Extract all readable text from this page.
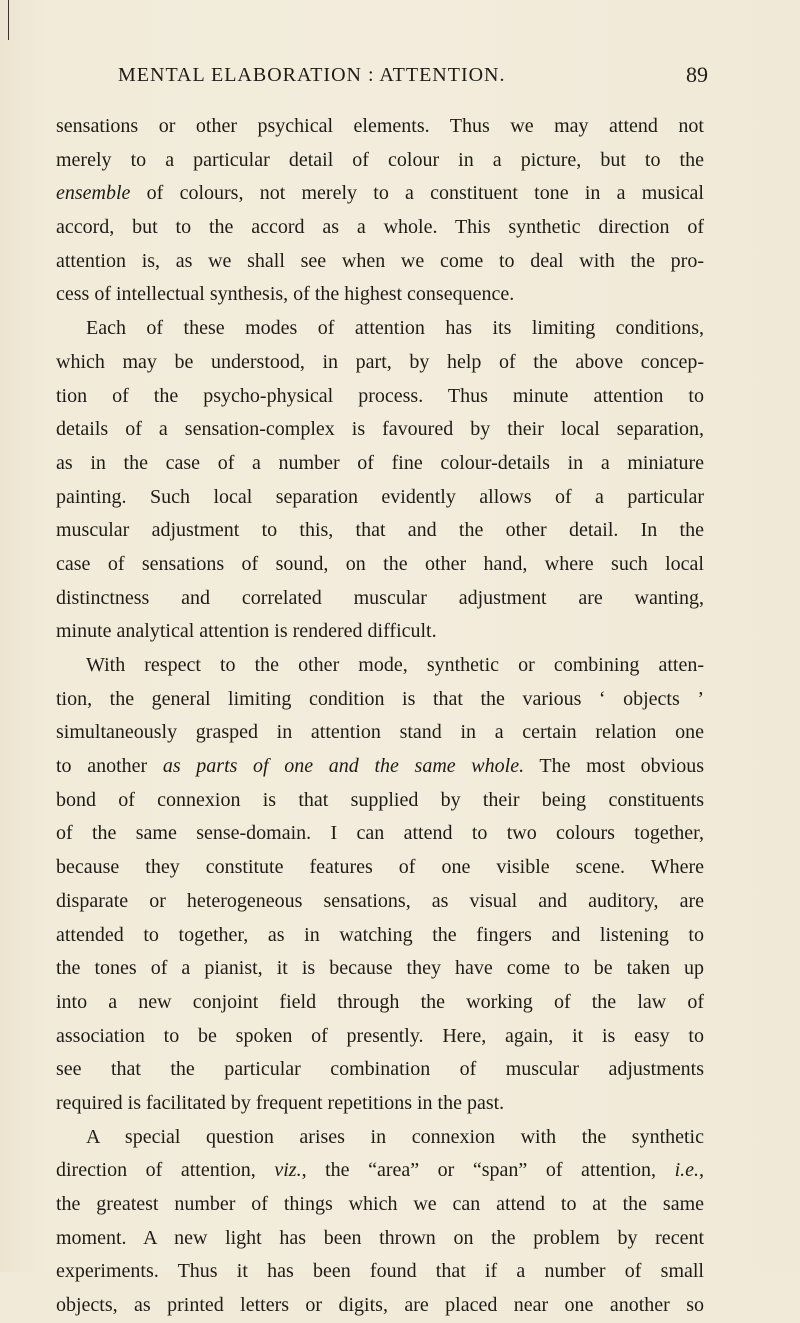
MENTAL ELABORATION : ATTENTION.	89
sensations or other psychical elements. Thus we may attend not
merely to a particular detail of colour in a picture, but to the
ensemble of colours, not merely to a constituent tone in a musical
accord, but to the accord as a whole. This synthetic direction of
attention is, as we shall see when we come to deal with the pro-
cess of intellectual synthesis, of the highest consequence.
Each of these modes of attention has its limiting conditions,
which may be understood, in part, by help of the above concep-
tion of the psycho-physical process. Thus minute attention to
details of a sensation-complex is favoured by their local separation,
as in the case of a number of fine colour-details in a miniature
painting. Such local separation evidently allows of a particular
muscular adjustment to this, that and the other detail. In the
case of sensations of sound, on the other hand, where such local
distinctness and correlated muscular adjustment are wanting,
minute analytical attention is rendered difficult.
With respect to the other mode, synthetic or combining atten-
tion, the general limiting condition is that the various ‘ objects ’
simultaneously grasped in attention stand in a certain relation one
to another as parts of one and the same whole. The most obvious
bond of connexion is that supplied by their being constituents
of the same sense-domain. I can attend to two colours together,
because they constitute features of one visible scene. Where
disparate or heterogeneous sensations, as visual and auditory, are
attended to together, as in watching the fingers and listening to
the tones of a pianist, it is because they have come to be taken up
into a new conjoint field through the working of the law of
association to be spoken of presently. Here, again, it is easy to
see that the particular combination of muscular adjustments
required is facilitated by frequent repetitions in the past.
A special question arises in connexion with the synthetic
direction of attention, viz., the “area” or “span” of attention, i.e.,
the greatest number of things which we can attend to at the same
moment. A new light has been thrown on the problem by recent
experiments. Thus it has been found that if a number of small
objects, as printed letters or digits, are placed near one another so
